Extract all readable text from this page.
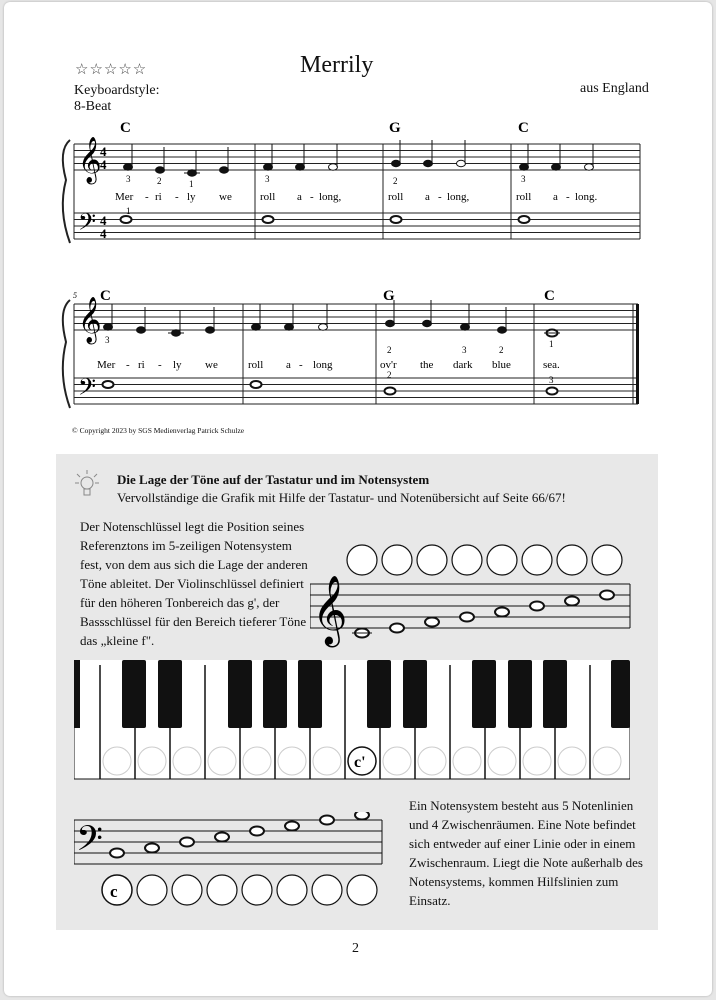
Merrily
☆☆☆☆☆
Keyboardstyle:
8-Beat
aus England
𝄞
𝄢
4
4
4
4
C	G	C
1
3	2	1	3	2	3
Mer - ri - ly we	roll a - long,	roll a - long,	roll a - long.
5
𝄞
𝄢
C	G	C
3
2	3	2
1
2	3
Mer - ri - ly we	roll a - long	ov'r the dark blue	sea.
© Copyright 2023 by SGS Medienverlag Patrick Schulze
Die Lage der Töne auf der Tastatur und im Notensystem
Vervollständige die Grafik mit Hilfe der Tastatur- und Notenübersicht auf Seite 66/67!
Der Notenschlüssel legt die Position seines Referenztons im 5-zeiligen Notensystem fest, von dem aus sich die Lage der anderen Töne ableitet. Der Violinschlüssel definiert für den höheren Tonbereich das g', der Bassschlüssel für den Bereich tieferer Töne das „kleine f".	𝄞
c'
𝄢
c
Ein Notensystem besteht aus 5 Notenlinien und 4 Zwischenräumen. Eine Note befindet sich entweder auf einer Linie oder in einem Zwischenraum. Liegt die Note außerhalb des Notensystems, kommen Hilfslinien zum Einsatz.
2
